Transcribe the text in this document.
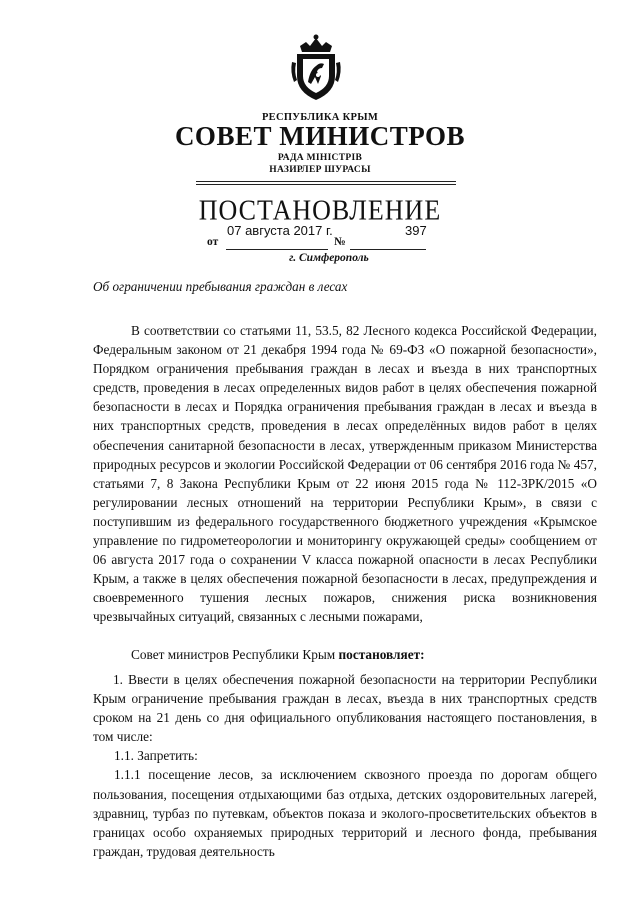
РЕСПУБЛИКА КРЫМ
СОВЕТ МИНИСТРОВ
РАДА МІНІСТРІВ
НАЗИРЛЕР ШУРАСЫ
ПОСТАНОВЛЕНИЕ
07 августа 2017 г.	397
от	№
г. Симферополь
Об ограничении пребывания граждан в лесах

В соответствии со статьями 11, 53.5, 82 Лесного кодекса Российской Федерации, Федеральным законом от 21 декабря 1994 года № 69-ФЗ «О пожарной безопасности», Порядком ограничения пребывания граждан в лесах и въезда в них транспортных средств, проведения в лесах определенных видов работ в целях обеспечения пожарной безопасности в лесах и Порядка ограничения пребывания граждан в лесах и въезда в них транспортных средств, проведения в лесах определённых видов работ в целях обеспечения санитарной безопасности в лесах, утвержденным приказом Министерства природных ресурсов и экологии Российской Федерации от 06 сентября 2016 года № 457, статьями 7, 8 Закона Республики Крым от 22 июня 2015 года № 112-ЗРК/2015 «О регулировании лесных отношений на территории Республики Крым», в связи с поступившим из федерального государственного бюджетного учреждения «Крымское управление по гидрометеорологии и мониторингу окружающей среды» сообщением от 06 августа 2017 года о сохранении V класса пожарной опасности в лесах Республики Крым, а также в целях обеспечения пожарной безопасности в лесах, предупреждения и своевременного тушения лесных пожаров, снижения риска возникновения чрезвычайных ситуаций, связанных с лесными пожарами,

Совет министров Республики Крым постановляет:

1. Ввести в целях обеспечения пожарной безопасности на территории Республики Крым ограничение пребывания граждан в лесах, въезда в них транспортных средств сроком на 21 день со дня официального опубликования настоящего постановления, в том числе:

1.1. Запретить:

1.1.1 посещение лесов, за исключением сквозного проезда по дорогам общего пользования, посещения отдыхающими баз отдыха, детских оздоровительных лагерей, здравниц, турбаз по путевкам, объектов показа и эколого-просветительских объектов в границах особо охраняемых природных территорий и лесного фонда, пребывания граждан, трудовая деятельность
